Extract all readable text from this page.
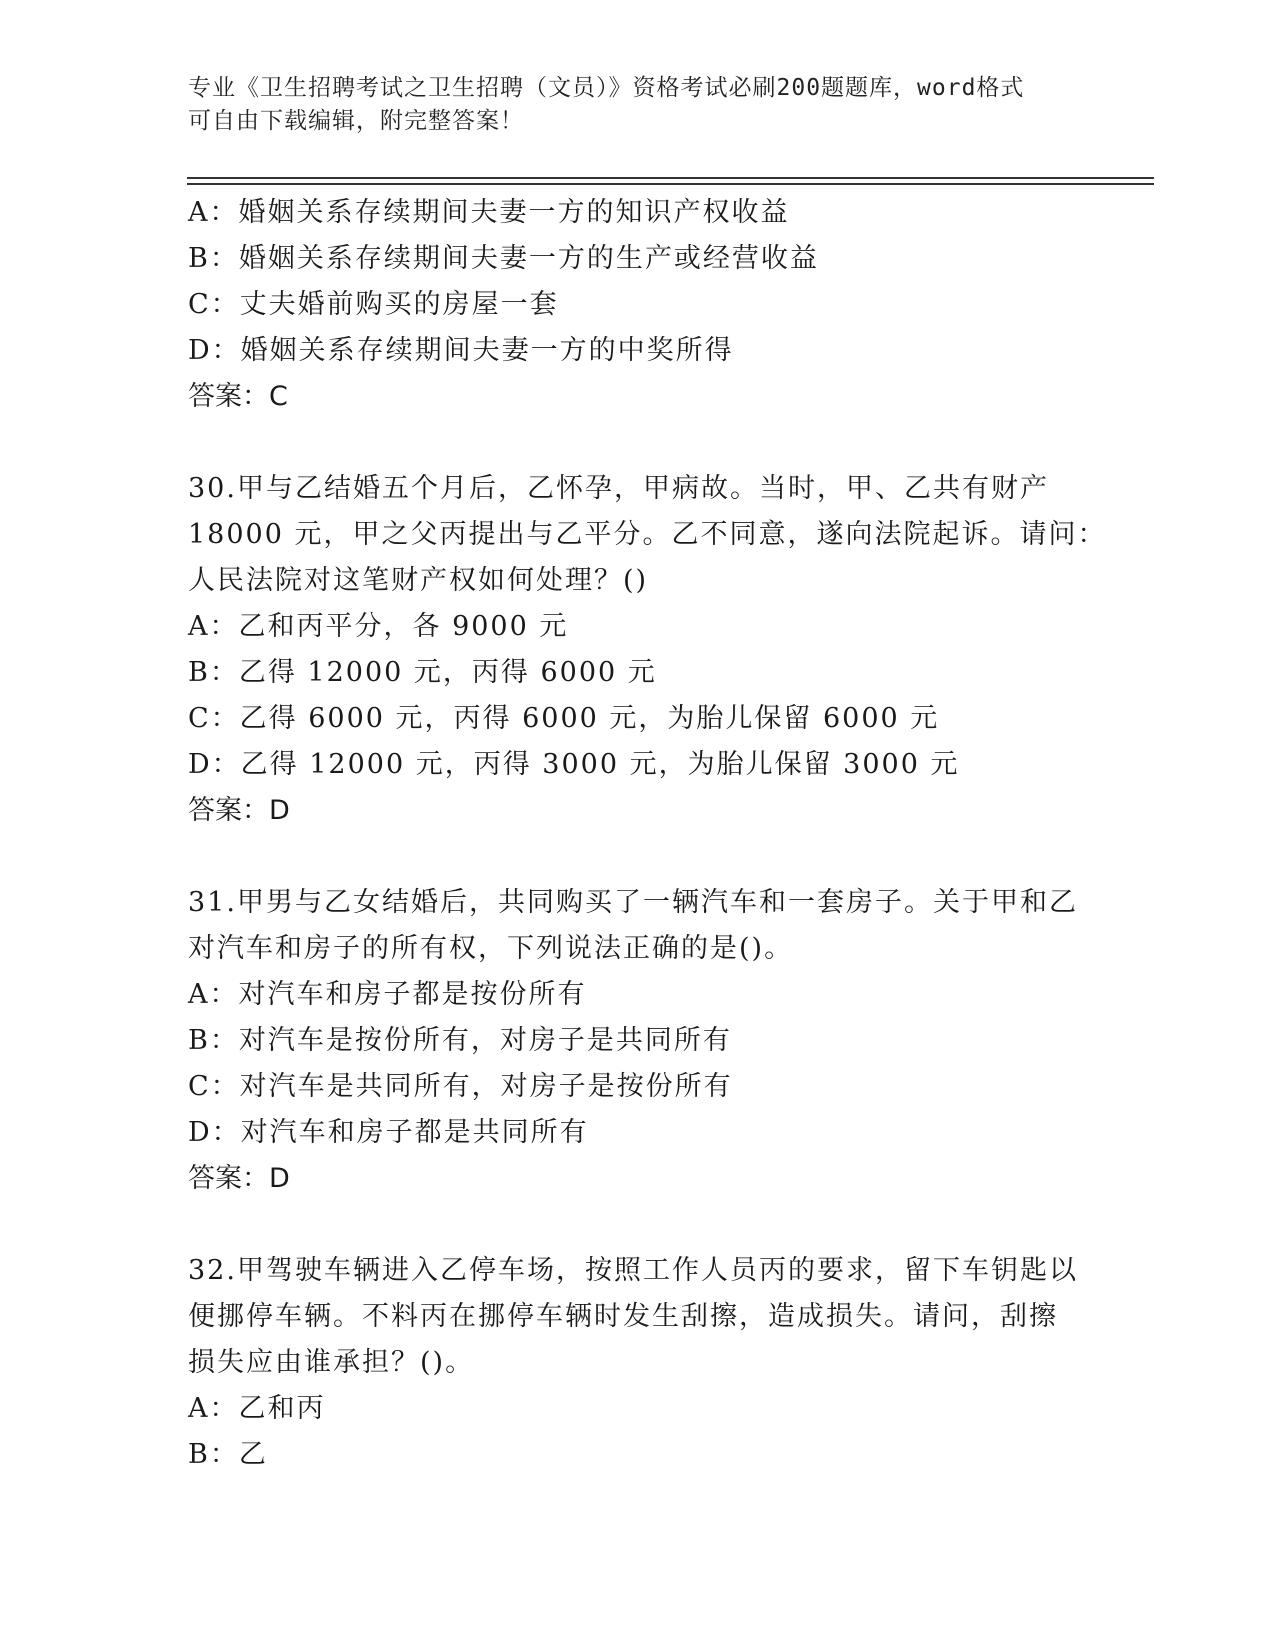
专业《卫生招聘考试之卫生招聘（文员）》资格考试必刷200题题库，word格式
可自由下载编辑，附完整答案！
A：婚姻关系存续期间夫妻一方的知识产权收益
B：婚姻关系存续期间夫妻一方的生产或经营收益
C：丈夫婚前购买的房屋一套
D：婚姻关系存续期间夫妻一方的中奖所得
答案：C
30.甲与乙结婚五个月后，乙怀孕，甲病故。当时，甲、乙共有财产
18000 元，甲之父丙提出与乙平分。乙不同意，遂向法院起诉。请问：
人民法院对这笔财产权如何处理？()
A：乙和丙平分，各 9000 元
B：乙得 12000 元，丙得 6000 元
C：乙得 6000 元，丙得 6000 元，为胎儿保留 6000 元
D：乙得 12000 元，丙得 3000 元，为胎儿保留 3000 元
答案：D
31.甲男与乙女结婚后，共同购买了一辆汽车和一套房子。关于甲和乙
对汽车和房子的所有权，下列说法正确的是()。
A：对汽车和房子都是按份所有
B：对汽车是按份所有，对房子是共同所有
C：对汽车是共同所有，对房子是按份所有
D：对汽车和房子都是共同所有
答案：D
32.甲驾驶车辆进入乙停车场，按照工作人员丙的要求，留下车钥匙以
便挪停车辆。不料丙在挪停车辆时发生刮擦，造成损失。请问，刮擦
损失应由谁承担？()。
A：乙和丙
B：乙
